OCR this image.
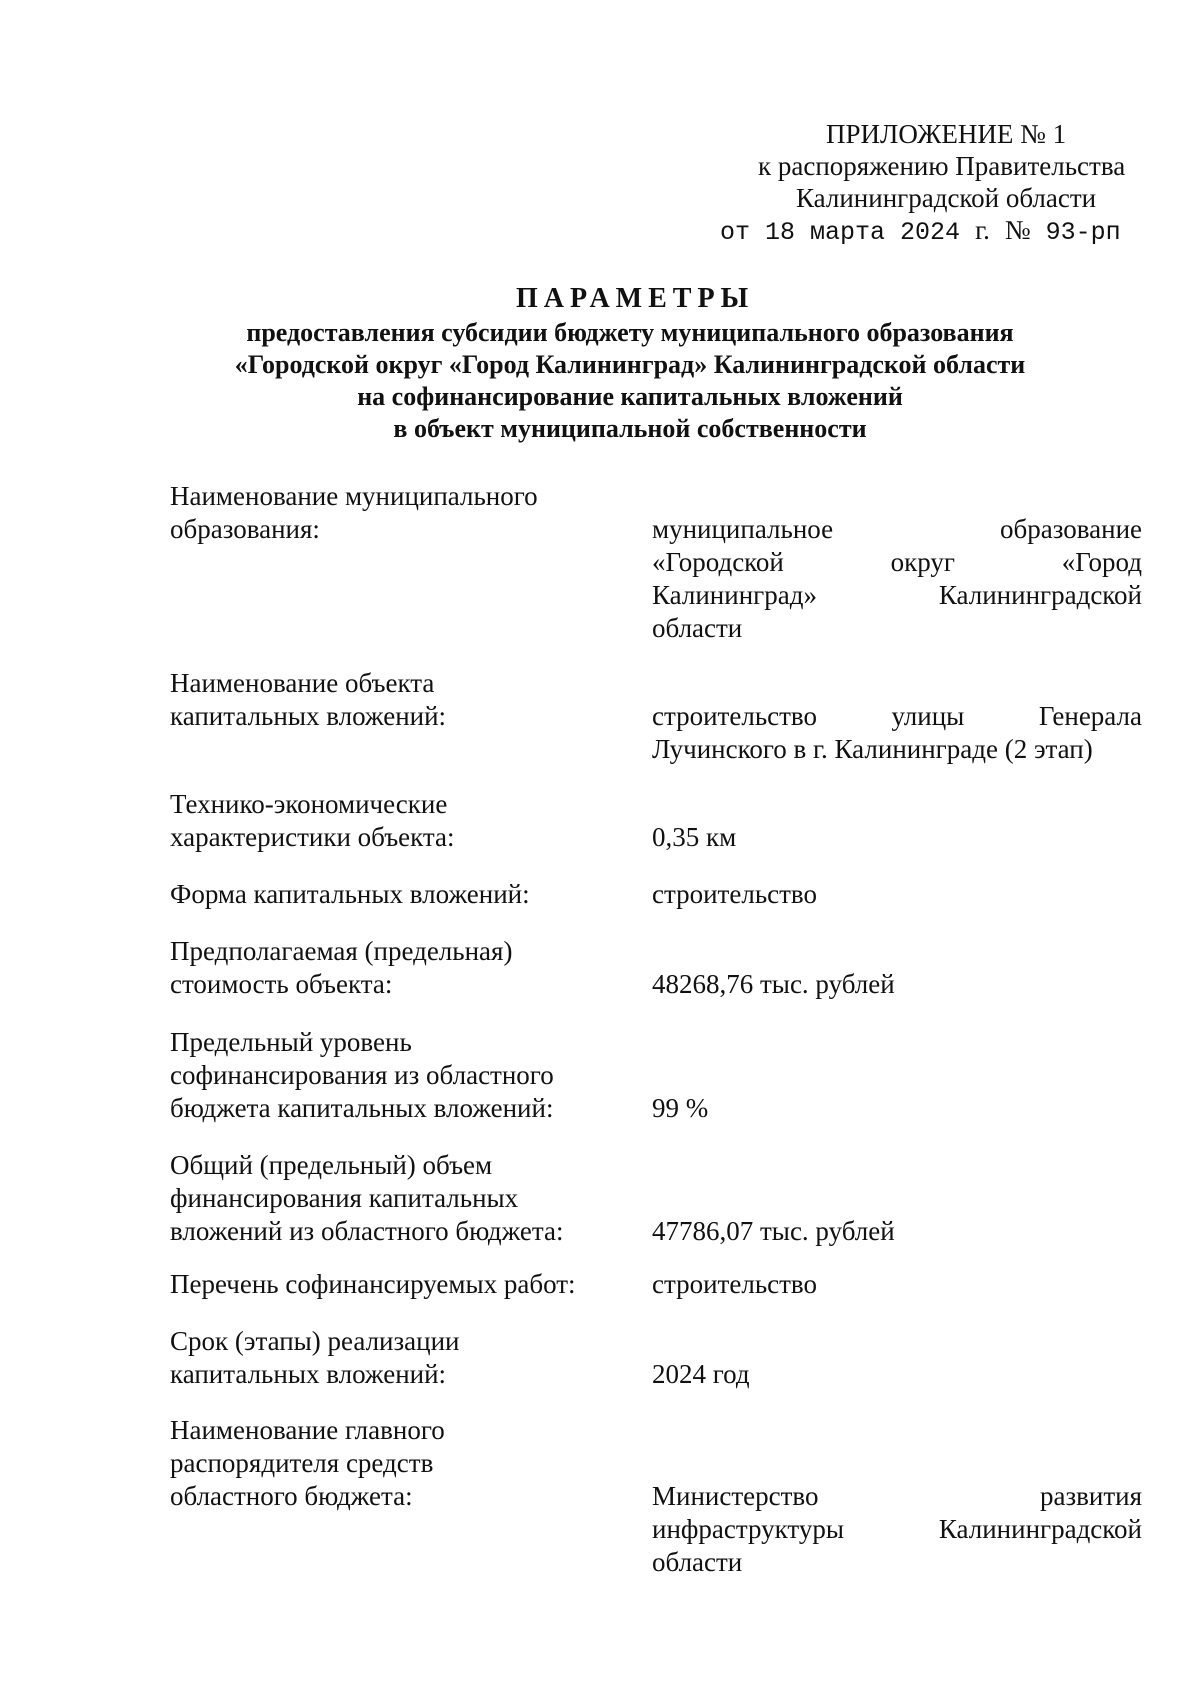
ПРИЛОЖЕНИЕ № 1
к распоряжению Правительства
Калининградской области
от 18 марта 2024 г. № 93-рп
ПАРАМЕТРЫ
предоставления субсидии бюджету муниципального образования
«Городской округ «Город Калининград» Калининградской области
на софинансирование капитальных вложений
в объект муниципальной собственности
Наименование муниципального
образования:	муниципальное образование
«Городской округ «Город
Калининград» Калининградской
области
Наименование объекта
капитальных вложений:	строительство улицы Генерала
Лучинского в г. Калининграде (2 этап)
Технико-экономические
характеристики объекта:	0,35 км
Форма капитальных вложений:	строительство
Предполагаемая (предельная)
стоимость объекта:	48268,76 тыс. рублей
Предельный уровень
софинансирования из областного
бюджета капитальных вложений:	99 %
Общий (предельный) объем
финансирования капитальных
вложений из областного бюджета:	47786,07 тыс. рублей
Перечень софинансируемых работ:	строительство
Срок (этапы) реализации
капитальных вложений:	2024 год
Наименование главного
распорядителя средств
областного бюджета:	Министерство развития
инфраструктуры Калининградской
области
